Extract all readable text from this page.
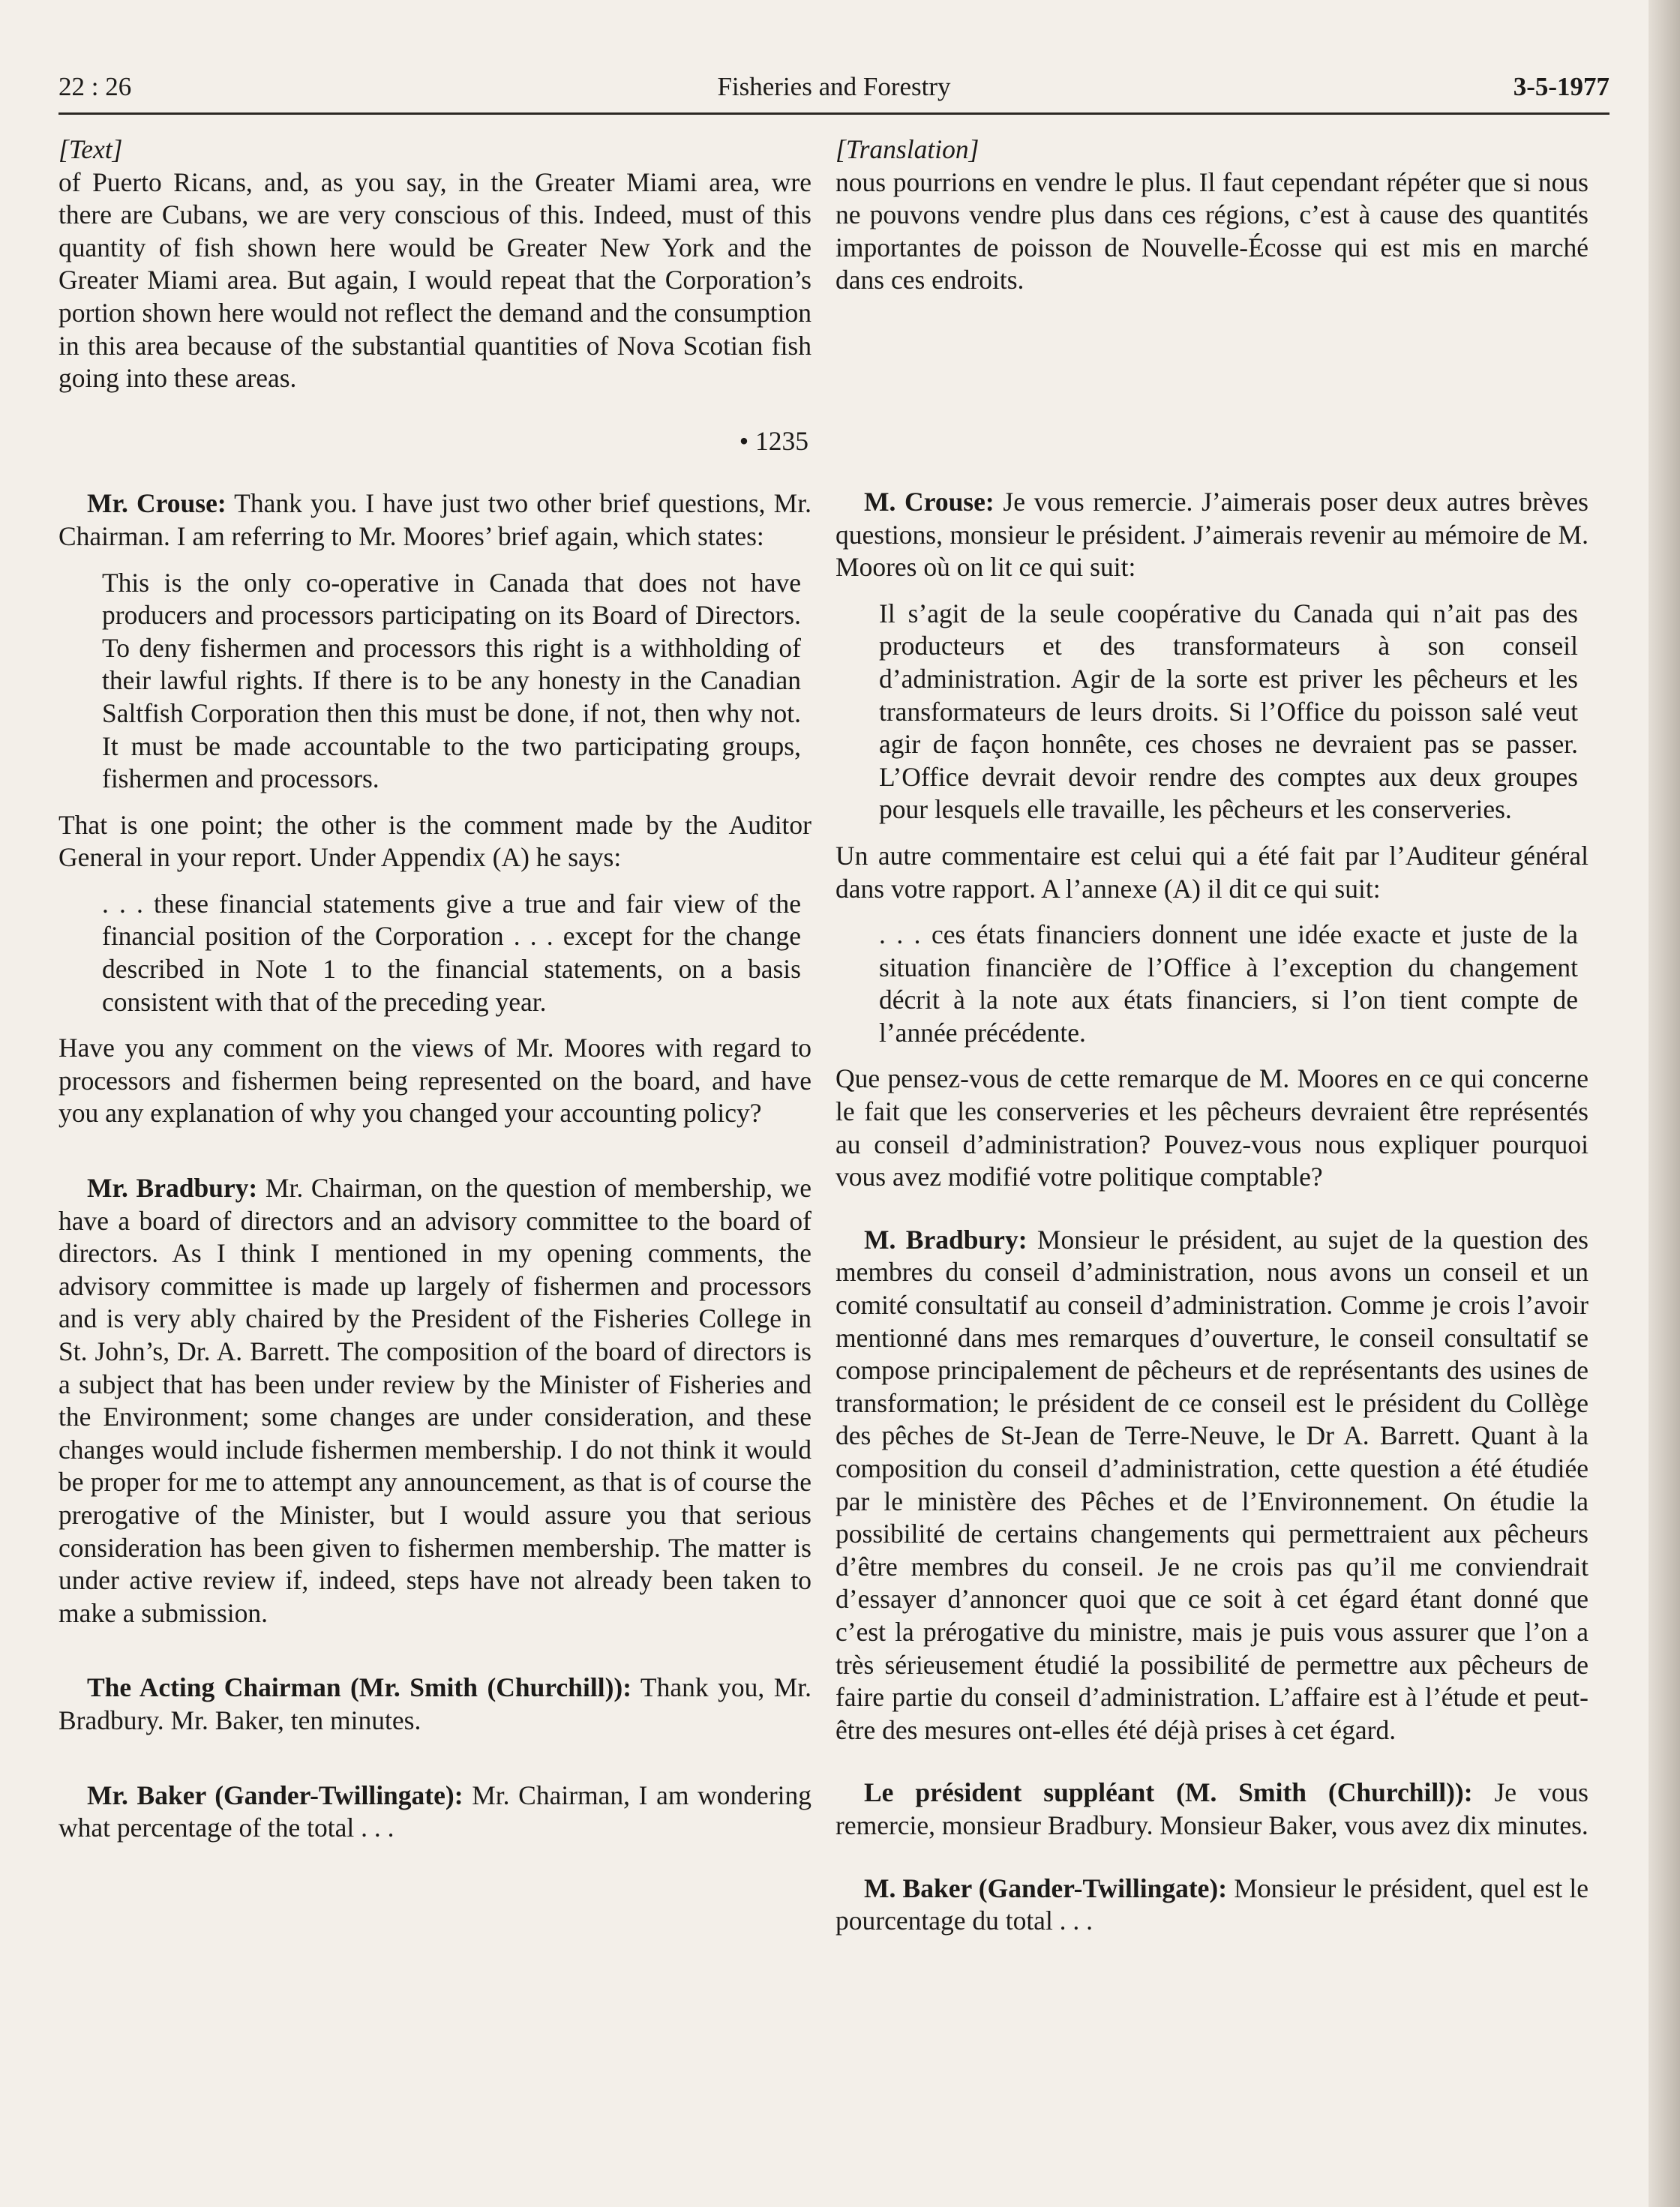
22 : 26	Fisheries and Forestry	3-5-1977

[Text]

of Puerto Ricans, and, as you say, in the Greater Miami area, wre there are Cubans, we are very conscious of this. Indeed, must of this quantity of fish shown here would be Greater New York and the Greater Miami area. But again, I would repeat that the Corporation’s portion shown here would not reflect the demand and the consumption in this area because of the substantial quantities of Nova Scotian fish going into these areas.

• 1235

Mr. Crouse: Thank you. I have just two other brief questions, Mr. Chairman. I am referring to Mr. Moores’ brief again, which states:

This is the only co-operative in Canada that does not have producers and processors participating on its Board of Directors. To deny fishermen and processors this right is a withholding of their lawful rights. If there is to be any honesty in the Canadian Saltfish Corporation then this must be done, if not, then why not. It must be made accountable to the two participating groups, fishermen and processors.

That is one point; the other is the comment made by the Auditor General in your report. Under Appendix (A) he says:

. . . these financial statements give a true and fair view of the financial position of the Corporation . . . except for the change described in Note 1 to the financial statements, on a basis consistent with that of the preceding year.

Have you any comment on the views of Mr. Moores with regard to processors and fishermen being represented on the board, and have you any explanation of why you changed your accounting policy?

Mr. Bradbury: Mr. Chairman, on the question of membership, we have a board of directors and an advisory committee to the board of directors. As I think I mentioned in my opening comments, the advisory committee is made up largely of fishermen and processors and is very ably chaired by the President of the Fisheries College in St. John’s, Dr. A. Barrett. The composition of the board of directors is a subject that has been under review by the Minister of Fisheries and the Environment; some changes are under consideration, and these changes would include fishermen membership. I do not think it would be proper for me to attempt any announcement, as that is of course the prerogative of the Minister, but I would assure you that serious consideration has been given to fishermen membership. The matter is under active review if, indeed, steps have not already been taken to make a submission.

The Acting Chairman (Mr. Smith (Churchill)): Thank you, Mr. Bradbury. Mr. Baker, ten minutes.

Mr. Baker (Gander-Twillingate): Mr. Chairman, I am wondering what percentage of the total . . .

[Translation]

nous pourrions en vendre le plus. Il faut cependant répéter que si nous ne pouvons vendre plus dans ces régions, c’est à cause des quantités importantes de poisson de Nouvelle-Écosse qui est mis en marché dans ces endroits.

M. Crouse: Je vous remercie. J’aimerais poser deux autres brèves questions, monsieur le président. J’aimerais revenir au mémoire de M. Moores où on lit ce qui suit:

Il s’agit de la seule coopérative du Canada qui n’ait pas des producteurs et des transformateurs à son conseil d’administration. Agir de la sorte est priver les pêcheurs et les transformateurs de leurs droits. Si l’Office du poisson salé veut agir de façon honnête, ces choses ne devraient pas se passer. L’Office devrait devoir rendre des comptes aux deux groupes pour lesquels elle travaille, les pêcheurs et les conserveries.

Un autre commentaire est celui qui a été fait par l’Auditeur général dans votre rapport. A l’annexe (A) il dit ce qui suit:

. . . ces états financiers donnent une idée exacte et juste de la situation financière de l’Office à l’exception du changement décrit à la note aux états financiers, si l’on tient compte de l’année précédente.

Que pensez-vous de cette remarque de M. Moores en ce qui concerne le fait que les conserveries et les pêcheurs devraient être représentés au conseil d’administration? Pouvez-vous nous expliquer pourquoi vous avez modifié votre politique comptable?

M. Bradbury: Monsieur le président, au sujet de la question des membres du conseil d’administration, nous avons un conseil et un comité consultatif au conseil d’administration. Comme je crois l’avoir mentionné dans mes remarques d’ouverture, le conseil consultatif se compose principalement de pêcheurs et de représentants des usines de transformation; le président de ce conseil est le président du Collège des pêches de St-Jean de Terre-Neuve, le Dr A. Barrett. Quant à la composition du conseil d’administration, cette question a été étudiée par le ministère des Pêches et de l’Environnement. On étudie la possibilité de certains changements qui permettraient aux pêcheurs d’être membres du conseil. Je ne crois pas qu’il me conviendrait d’essayer d’annoncer quoi que ce soit à cet égard étant donné que c’est la prérogative du ministre, mais je puis vous assurer que l’on a très sérieusement étudié la possibilité de permettre aux pêcheurs de faire partie du conseil d’administration. L’affaire est à l’étude et peut-être des mesures ont-elles été déjà prises à cet égard.

Le président suppléant (M. Smith (Churchill)): Je vous remercie, monsieur Bradbury. Monsieur Baker, vous avez dix minutes.

M. Baker (Gander-Twillingate): Monsieur le président, quel est le pourcentage du total . . .
